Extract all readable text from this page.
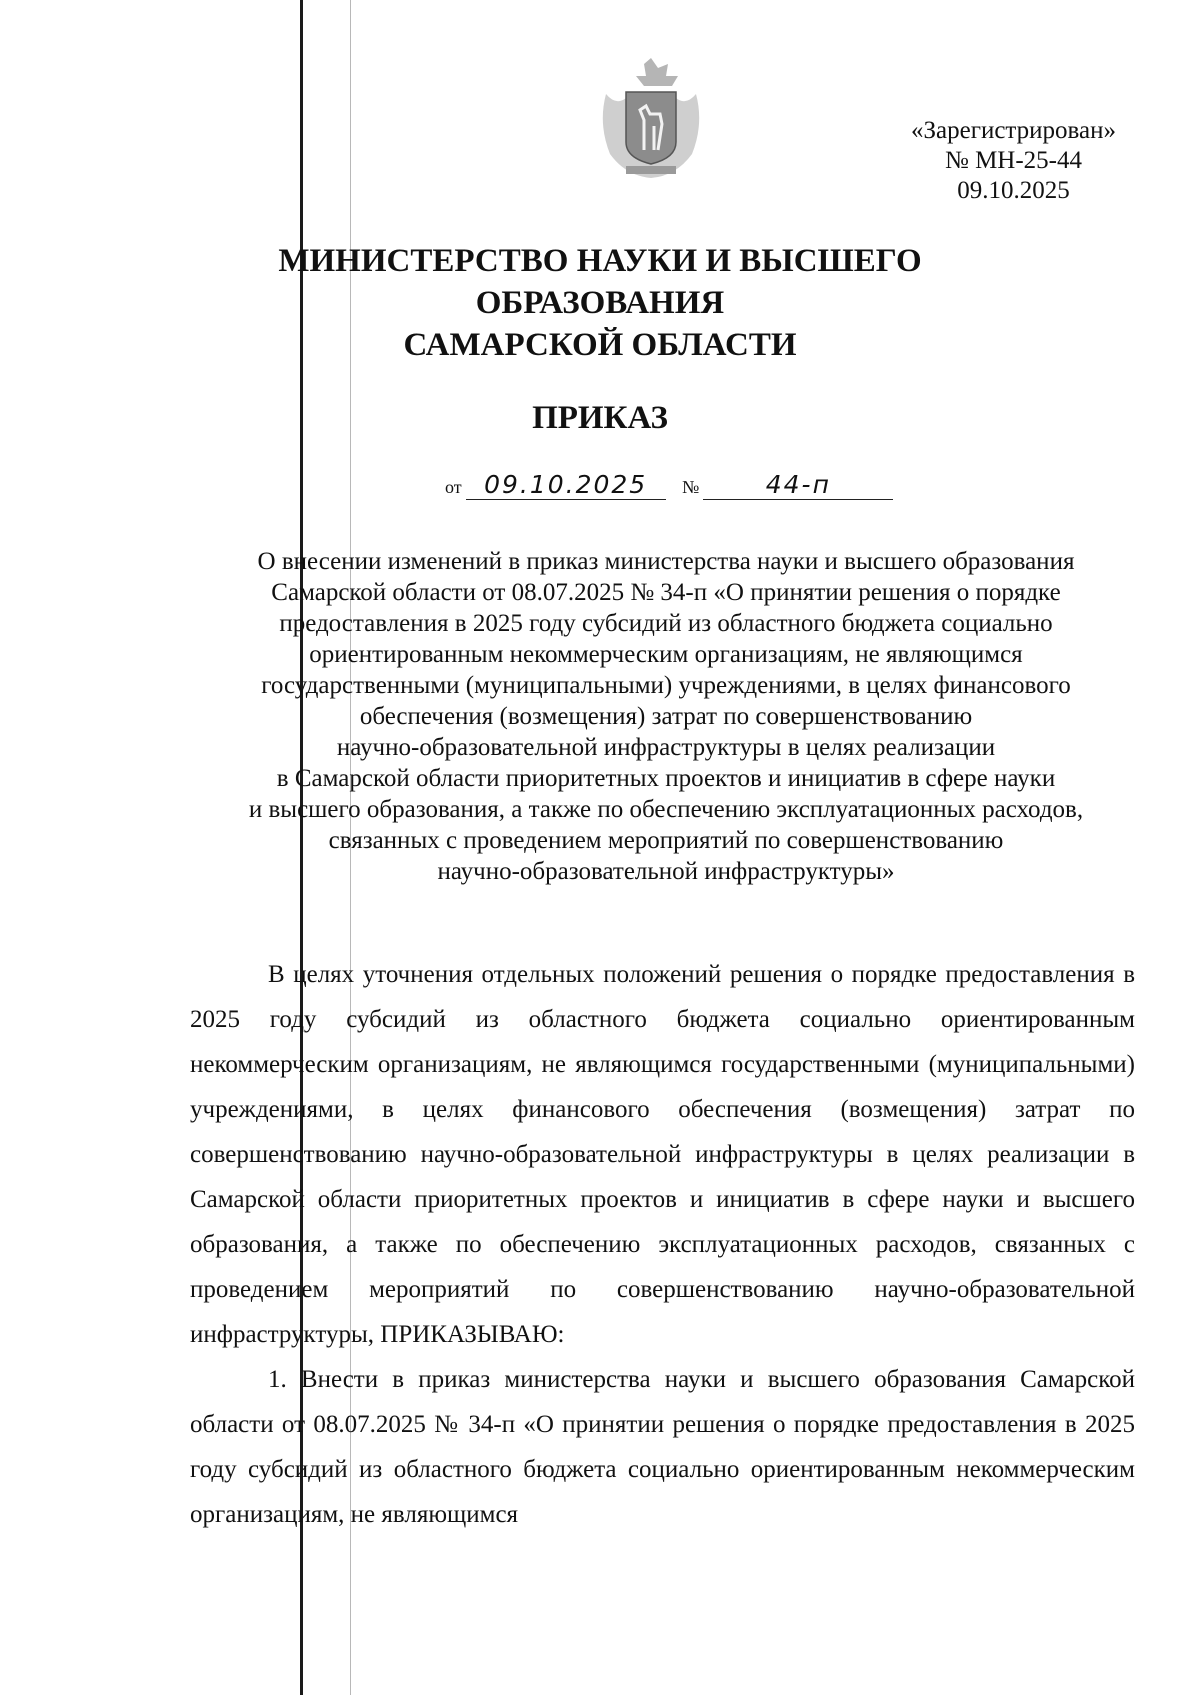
«Зарегистрирован»
№ МН-25-44
09.10.2025
МИНИСТЕРСТВО НАУКИ И ВЫСШЕГО
ОБРАЗОВАНИЯ
САМАРСКОЙ ОБЛАСТИ
ПРИКАЗ
от 09.10.2025 №	44-п
О внесении изменений в приказ министерства науки и высшего образования
Самарской области от 08.07.2025 № 34-п «О принятии решения о порядке
предоставления в 2025 году субсидий из областного бюджета социально
ориентированным некоммерческим организациям, не являющимся
государственными (муниципальными) учреждениями, в целях финансового
обеспечения (возмещения) затрат по совершенствованию
научно-образовательной инфраструктуры в целях реализации
в Самарской области приоритетных проектов и инициатив в сфере науки
и высшего образования, а также по обеспечению эксплуатационных расходов,
связанных с проведением мероприятий по совершенствованию
научно-образовательной инфраструктуры»

В целях уточнения отдельных положений решения о порядке предоставления в 2025 году субсидий из областного бюджета социально ориентированным некоммерческим организациям, не являющимся государственными (муниципальными) учреждениями, в целях финансового обеспечения (возмещения) затрат по совершенствованию научно-образовательной инфраструктуры в целях реализации в Самарской области приоритетных проектов и инициатив в сфере науки и высшего образования, а также по обеспечению эксплуатационных расходов, связанных с проведением мероприятий по совершенствованию научно-образовательной инфраструктуры, ПРИКАЗЫВАЮ:

1. Внести в приказ министерства науки и высшего образования Самарской области от 08.07.2025 № 34-п «О принятии решения о порядке предоставления в 2025 году субсидий из областного бюджета социально ориентированным некоммерческим организациям, не являющимся
